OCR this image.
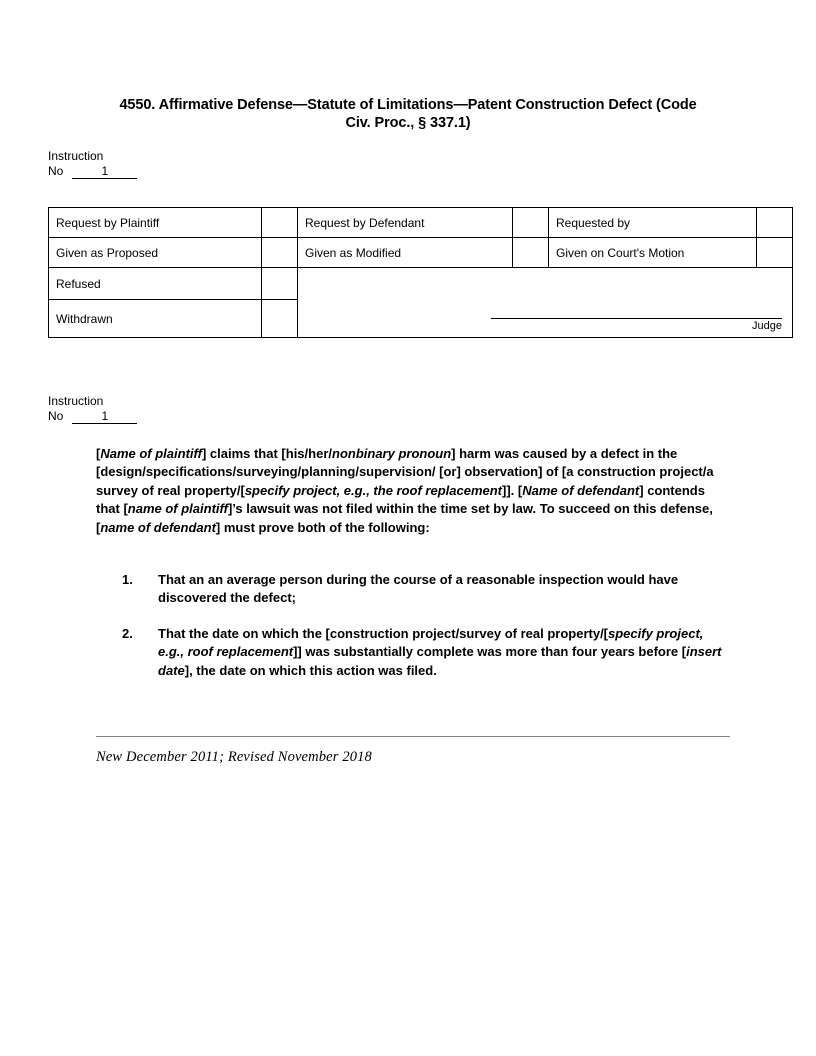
4550. Affirmative Defense—Statute of Limitations—Patent Construction Defect (Code Civ. Proc., § 337.1)
Instruction
No	1
Request by Plaintiff		Request by Defendant		Requested by	
Given as Proposed		Given as Modified		Given on Court's Motion	
Refused		Judge			

Withdrawn					
Instruction
No	1
[Name of plaintiff] claims that [his/her/nonbinary pronoun] harm was caused by a defect in the [design/specifications/surveying/planning/supervision/ [or] observation] of [a construction project/a survey of real property/[specify project, e.g., the roof replacement]]. [Name of defendant] contends that [name of plaintiff]’s lawsuit was not filed within the time set by law. To succeed on this defense, [name of defendant] must prove both of the following:
1.	That an an average person during the course of a reasonable inspection would have discovered the defect;
2.	That the date on which the [construction project/survey of real property/[specify project, e.g., roof replacement]] was substantially complete was more than four years before [insert date], the date on which this action was filed.
New December 2011; Revised November 2018
